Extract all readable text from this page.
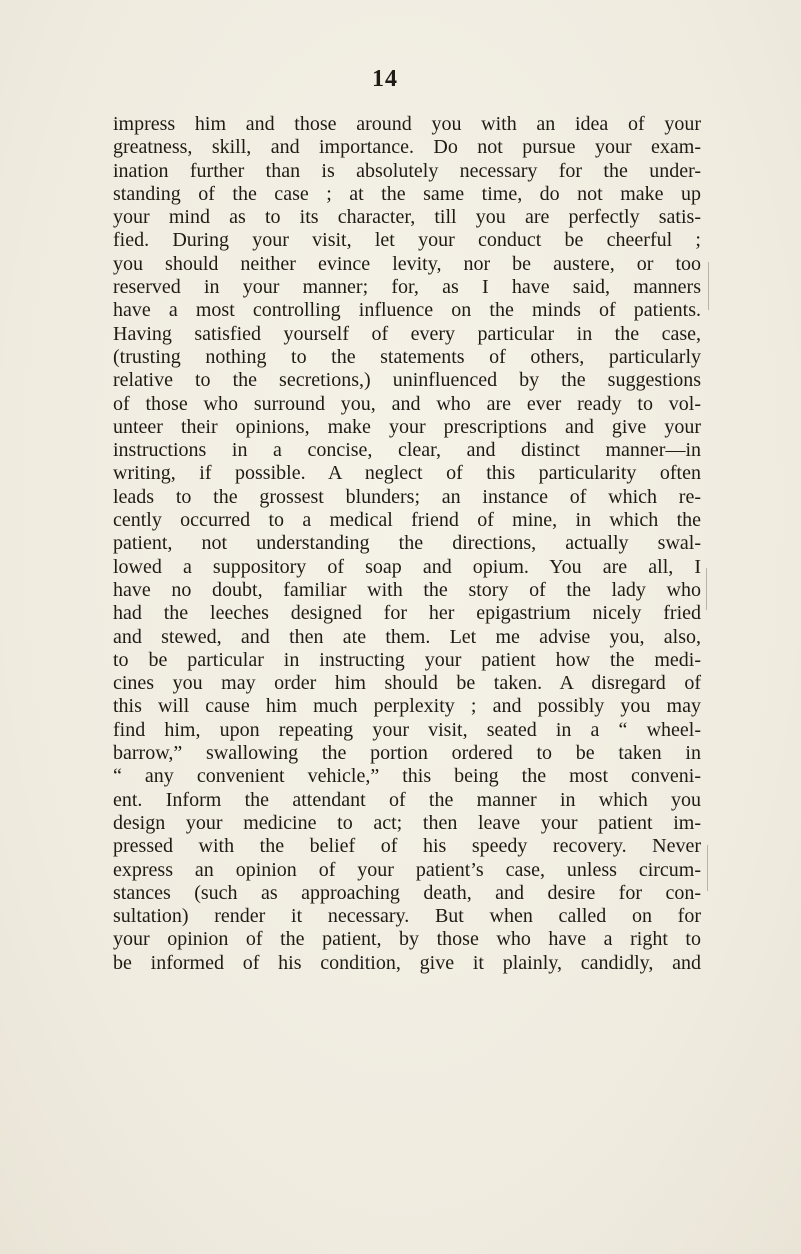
14
impress him and those around you with an idea of your
greatness, skill, and importance. Do not pursue your exam-
ination further than is absolutely necessary for the under-
standing of the case ; at the same time, do not make up
your mind as to its character, till you are perfectly satis-
fied. During your visit, let your conduct be cheerful ;
you should neither evince levity, nor be austere, or too
reserved in your manner; for, as I have said, manners
have a most controlling influence on the minds of patients.
Having satisfied yourself of every particular in the case,
(trusting nothing to the statements of others, particularly
relative to the secretions,) uninfluenced by the suggestions
of those who surround you, and who are ever ready to vol-
unteer their opinions, make your prescriptions and give your
instructions in a concise, clear, and distinct manner—in
writing, if possible. A neglect of this particularity often
leads to the grossest blunders; an instance of which re-
cently occurred to a medical friend of mine, in which the
patient, not understanding the directions, actually swal-
lowed a suppository of soap and opium. You are all, I
have no doubt, familiar with the story of the lady who
had the leeches designed for her epigastrium nicely fried
and stewed, and then ate them. Let me advise you, also,
to be particular in instructing your patient how the medi-
cines you may order him should be taken. A disregard of
this will cause him much perplexity ; and possibly you may
find him, upon repeating your visit, seated in a “ wheel-
barrow,” swallowing the portion ordered to be taken in
“ any convenient vehicle,” this being the most conveni-
ent. Inform the attendant of the manner in which you
design your medicine to act; then leave your patient im-
pressed with the belief of his speedy recovery. Never
express an opinion of your patient’s case, unless circum-
stances (such as approaching death, and desire for con-
sultation) render it necessary. But when called on for
your opinion of the patient, by those who have a right to
be informed of his condition, give it plainly, candidly, and
